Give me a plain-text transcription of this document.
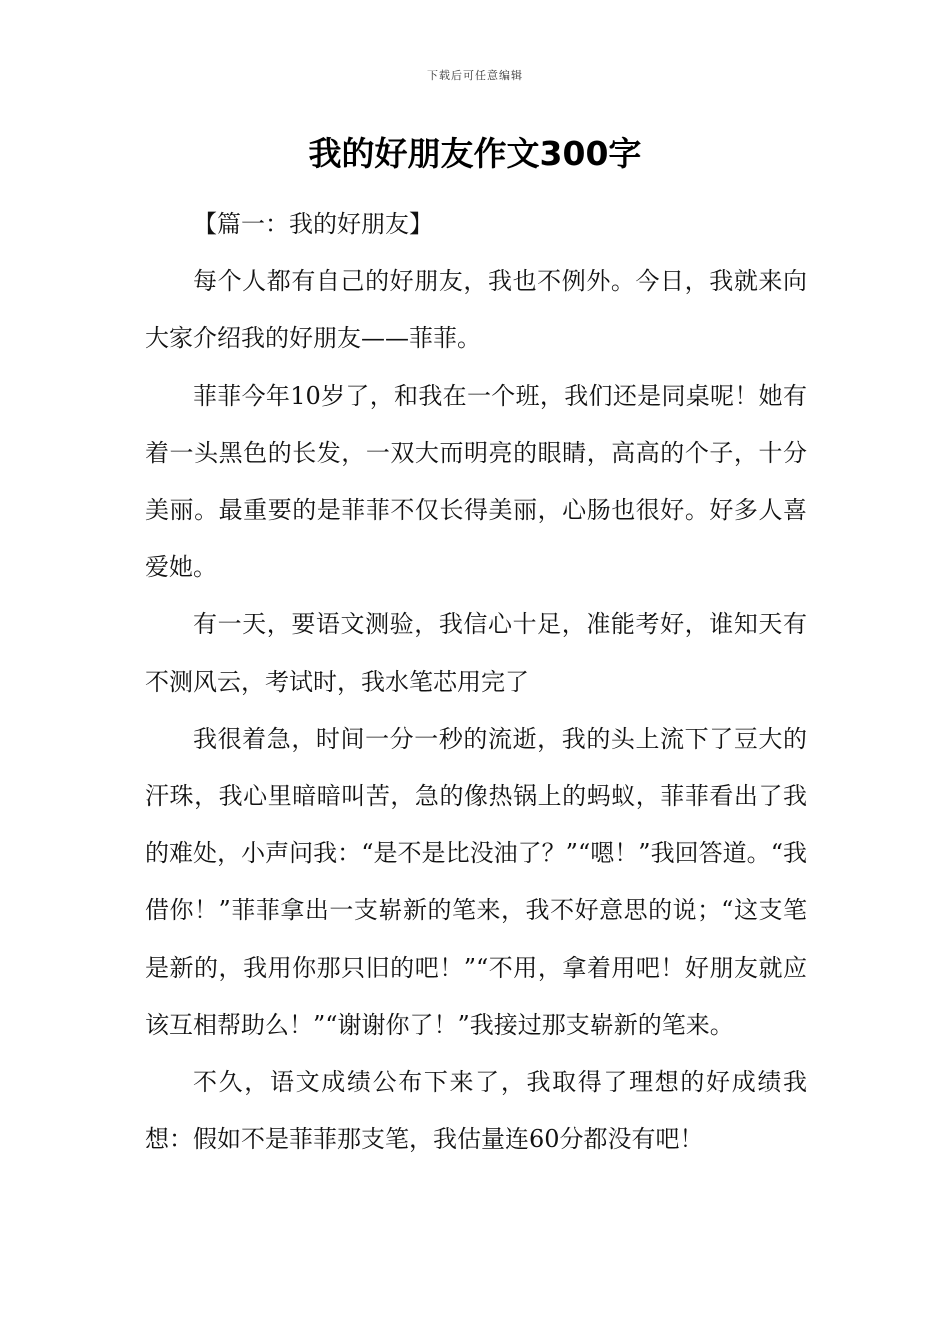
下载后可任意编辑
我的好朋友作文300字

【篇一：我的好朋友】

每个人都有自己的好朋友，我也不例外。今日，我就来向大家介绍我的好朋友——菲菲。

菲菲今年10岁了，和我在一个班，我们还是同桌呢！她有着一头黑色的长发，一双大而明亮的眼睛，高高的个子，十分美丽。最重要的是菲菲不仅长得美丽，心肠也很好。好多人喜爱她。

有一天，要语文测验，我信心十足，准能考好，谁知天有不测风云，考试时，我水笔芯用完了

我很着急，时间一分一秒的流逝，我的头上流下了豆大的汗珠，我心里暗暗叫苦，急的像热锅上的蚂蚁，菲菲看出了我的难处，小声问我：“是不是比没油了？”“嗯！”我回答道。“我借你！”菲菲拿出一支崭新的笔来，我不好意思的说；“这支笔是新的，我用你那只旧的吧！”“不用，拿着用吧！好朋友就应该互相帮助么！”“谢谢你了！”我接过那支崭新的笔来。

不久，语文成绩公布下来了，我取得了理想的好成绩我想：假如不是菲菲那支笔，我估量连60分都没有吧！
